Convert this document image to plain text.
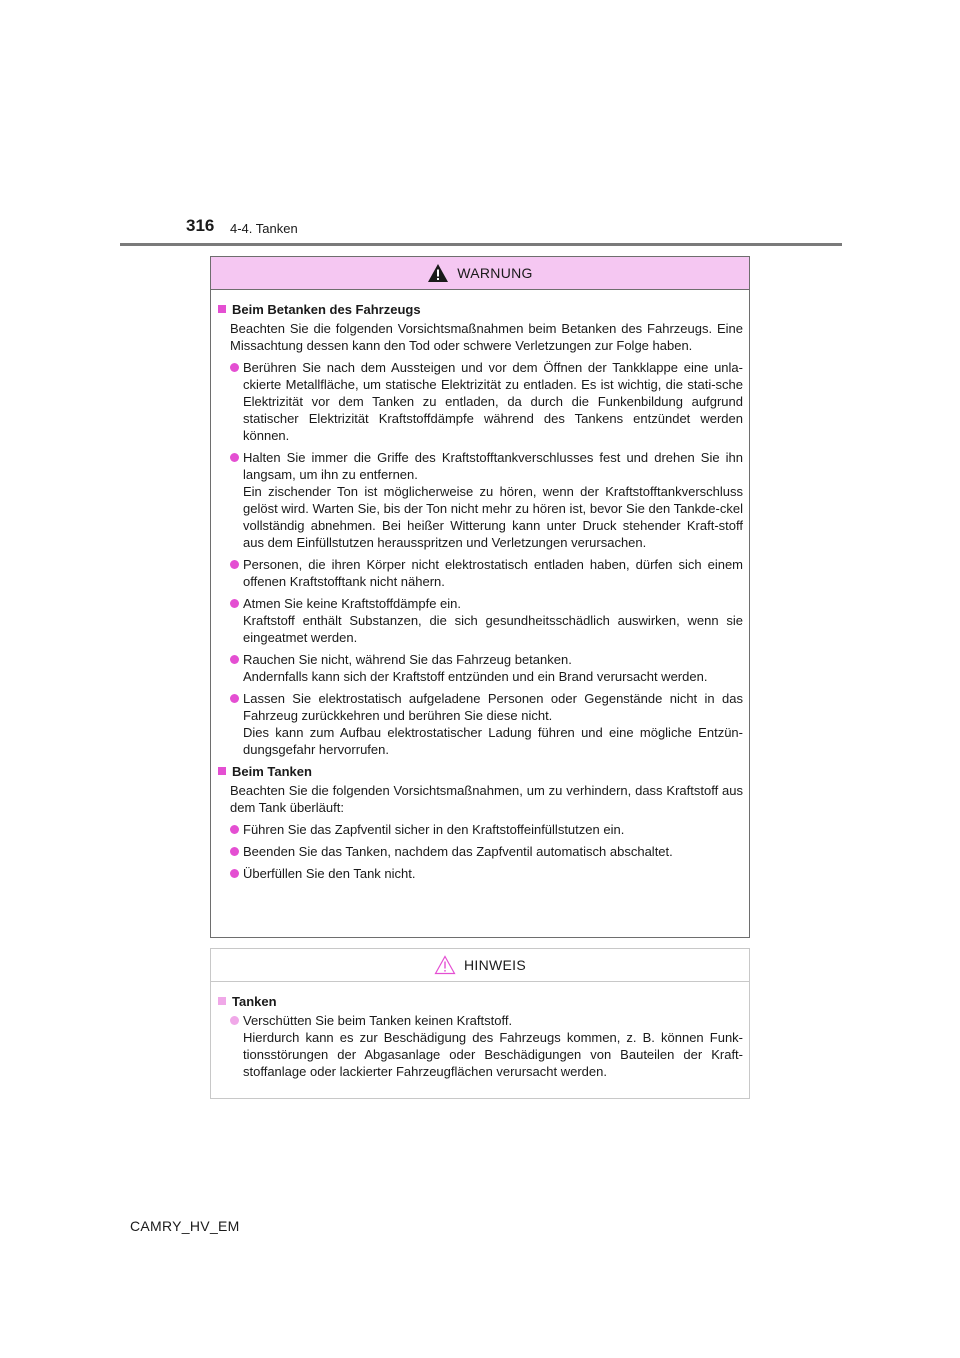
316 4-4. Tanken
WARNUNG
Beim Betanken des Fahrzeugs
Beachten Sie die folgenden Vorsichtsmaßnahmen beim Betanken des Fahrzeugs. Eine Missachtung dessen kann den Tod oder schwere Verletzungen zur Folge haben.
Berühren Sie nach dem Aussteigen und vor dem Öffnen der Tankklappe eine unla-ckierte Metallfläche, um statische Elektrizität zu entladen. Es ist wichtig, die stati-sche Elektrizität vor dem Tanken zu entladen, da durch die Funkenbildung aufgrund statischer Elektrizität Kraftstoffdämpfe während des Tankens entzündet werden können.
Halten Sie immer die Griffe des Kraftstofftankverschlusses fest und drehen Sie ihn langsam, um ihn zu entfernen.
Ein zischender Ton ist möglicherweise zu hören, wenn der Kraftstofftankverschluss gelöst wird. Warten Sie, bis der Ton nicht mehr zu hören ist, bevor Sie den Tankde-ckel vollständig abnehmen. Bei heißer Witterung kann unter Druck stehender Kraft-stoff aus dem Einfüllstutzen herausspritzen und Verletzungen verursachen.
Personen, die ihren Körper nicht elektrostatisch entladen haben, dürfen sich einem offenen Kraftstofftank nicht nähern.
Atmen Sie keine Kraftstoffdämpfe ein.
Kraftstoff enthält Substanzen, die sich gesundheitsschädlich auswirken, wenn sie eingeatmet werden.
Rauchen Sie nicht, während Sie das Fahrzeug betanken.
Andernfalls kann sich der Kraftstoff entzünden und ein Brand verursacht werden.
Lassen Sie elektrostatisch aufgeladene Personen oder Gegenstände nicht in das Fahrzeug zurückkehren und berühren Sie diese nicht.
Dies kann zum Aufbau elektrostatischer Ladung führen und eine mögliche Entzün-dungsgefahr hervorrufen.
Beim Tanken
Beachten Sie die folgenden Vorsichtsmaßnahmen, um zu verhindern, dass Kraftstoff aus dem Tank überläuft:
Führen Sie das Zapfventil sicher in den Kraftstoffeinfüllstutzen ein.
Beenden Sie das Tanken, nachdem das Zapfventil automatisch abschaltet.
Überfüllen Sie den Tank nicht.
HINWEIS
Tanken
Verschütten Sie beim Tanken keinen Kraftstoff.
Hierdurch kann es zur Beschädigung des Fahrzeugs kommen, z. B. können Funk-tionsstörungen der Abgasanlage oder Beschädigungen von Bauteilen der Kraft-stoffanlage oder lackierter Fahrzeugflächen verursacht werden.
CAMRY_HV_EM
